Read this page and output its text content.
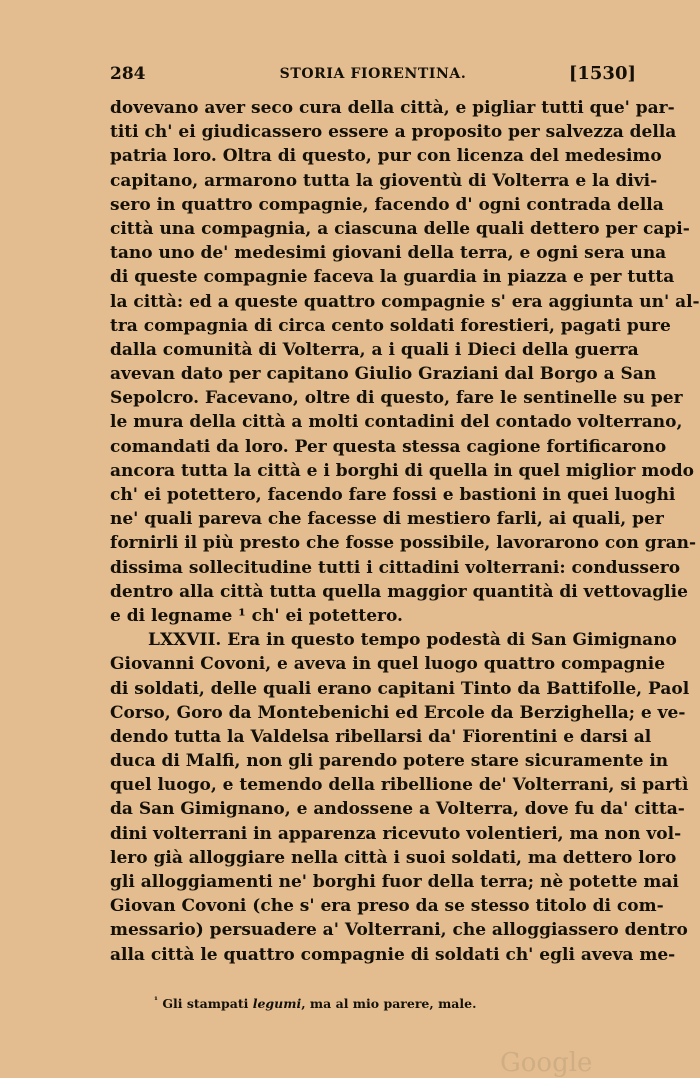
284	STORIA FIORENTINA.	[1530]
dovevano aver seco cura della città, e pigliar tutti que' par-
titi ch' ei giudicassero essere a proposito per salvezza della
patria loro. Oltra di questo, pur con licenza del medesimo
capitano, armarono tutta la gioventù di Volterra e la divi-
sero in quattro compagnie, facendo d' ogni contrada della
città una compagnia, a ciascuna delle quali dettero per capi-
tano uno de' medesimi giovani della terra, e ogni sera una
di queste compagnie faceva la guardia in piazza e per tutta
la città: ed a queste quattro compagnie s' era aggiunta un' al-
tra compagnia di circa cento soldati forestieri, pagati pure
dalla comunità di Volterra, a i quali i Dieci della guerra
avevan dato per capitano Giulio Graziani dal Borgo a San
Sepolcro. Facevano, oltre di questo, fare le sentinelle su per
le mura della città a molti contadini del contado volterrano,
comandati da loro. Per questa stessa cagione fortificarono
ancora tutta la città e i borghi di quella in quel miglior modo
ch' ei potettero, facendo fare fossi e bastioni in quei luoghi
ne' quali pareva che facesse di mestiero farli, ai quali, per
fornirli il più presto che fosse possibile, lavorarono con gran-
dissima sollecitudine tutti i cittadini volterrani: condussero
dentro alla città tutta quella maggior quantità di vettovaglie
e di legname ¹ ch' ei potettero.
LXXVII. Era in questo tempo podestà di San Gimignano
Giovanni Covoni, e aveva in quel luogo quattro compagnie
di soldati, delle quali erano capitani Tinto da Battifolle, Paol
Corso, Goro da Montebenichi ed Ercole da Berzighella; e ve-
dendo tutta la Valdelsa ribellarsi da' Fiorentini e darsi al
duca di Malfi, non gli parendo potere stare sicuramente in
quel luogo, e temendo della ribellione de' Volterrani, si partì
da San Gimignano, e andossene a Volterra, dove fu da' citta-
dini volterrani in apparenza ricevuto volentieri, ma non vol-
lero già alloggiare nella città i suoi soldati, ma dettero loro
gli alloggiamenti ne' borghi fuor della terra; nè potette mai
Giovan Covoni (che s' era preso da se stesso titolo di com-
messario) persuadere a' Volterrani, che alloggiassero dentro
alla città le quattro compagnie di soldati ch' egli aveva me-
$^{^1}$ Gli stampati legumi, ma al mio parere, male.
Google
